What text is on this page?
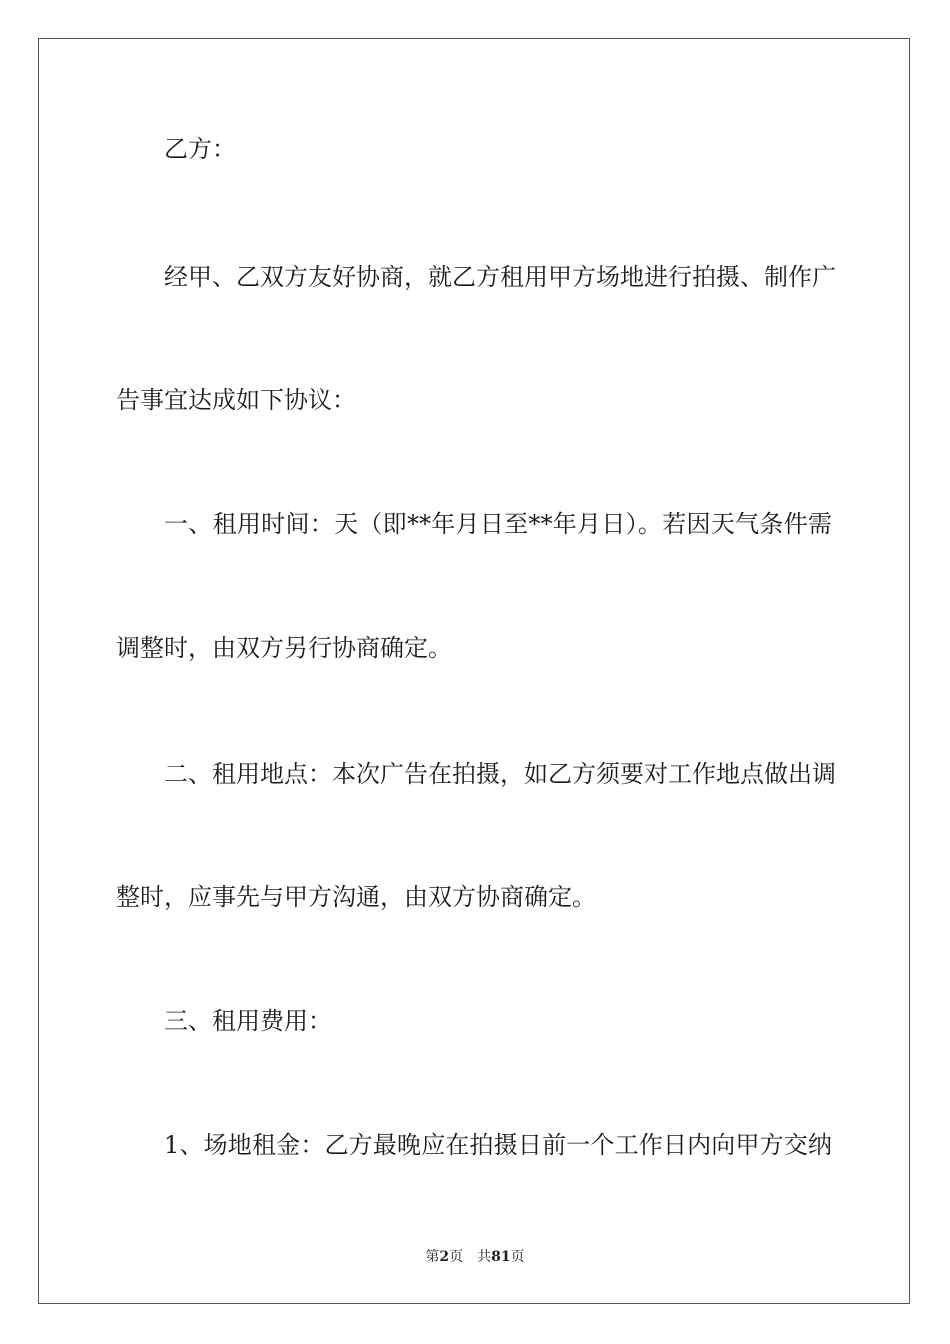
乙方：
经甲、乙双方友好协商，就乙方租用甲方场地进行拍摄、制作广
告事宜达成如下协议：
一、租用时间：天（即**年月日至**年月日）。若因天气条件需
调整时，由双方另行协商确定。
二、租用地点：本次广告在拍摄，如乙方须要对工作地点做出调
整时，应事先与甲方沟通，由双方协商确定。
三、租用费用：
1、场地租金：乙方最晚应在拍摄日前一个工作日内向甲方交纳
第2页 共81页
